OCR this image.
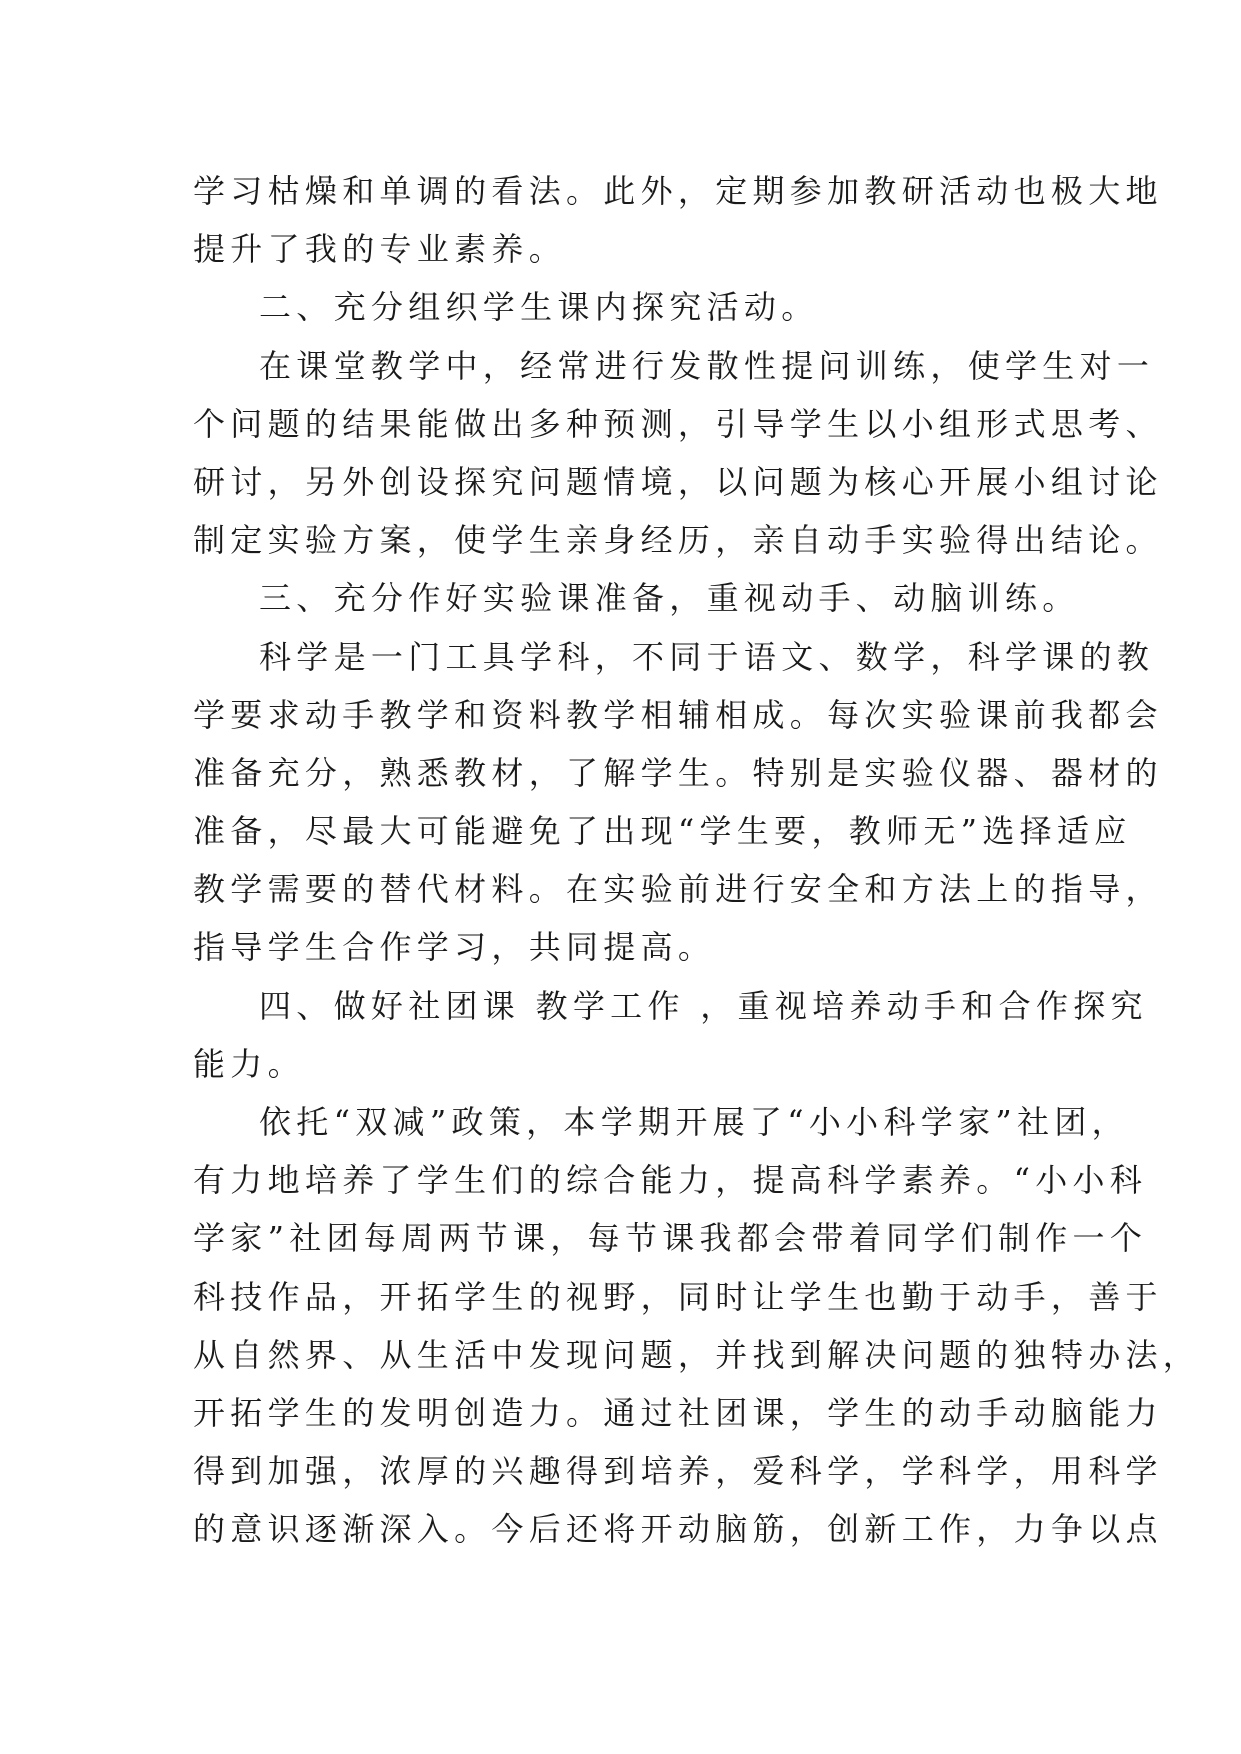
学习枯燥和单调的看法。此外，定期参加教研活动也极大地
提升了我的专业素养。
二、充分组织学生课内探究活动。
在课堂教学中，经常进行发散性提问训练，使学生对一
个问题的结果能做出多种预测，引导学生以小组形式思考、
研讨，另外创设探究问题情境，以问题为核心开展小组讨论
制定实验方案，使学生亲身经历，亲自动手实验得出结论。
三、充分作好实验课准备，重视动手、动脑训练。
科学是一门工具学科，不同于语文、数学，科学课的教
学要求动手教学和资料教学相辅相成。每次实验课前我都会
准备充分，熟悉教材，了解学生。特别是实验仪器、器材的
准备，尽最大可能避免了出现“学生要，教师无”选择适应
教学需要的替代材料。在实验前进行安全和方法上的指导，
指导学生合作学习，共同提高。
四、做好社团课 教学工作 ，重视培养动手和合作探究
能力。
依托“双减”政策，本学期开展了“小小科学家”社团，
有力地培养了学生们的综合能力，提高科学素养。“小小科
学家”社团每周两节课，每节课我都会带着同学们制作一个
科技作品，开拓学生的视野，同时让学生也勤于动手，善于
从自然界、从生活中发现问题，并找到解决问题的独特办法，
开拓学生的发明创造力。通过社团课，学生的动手动脑能力
得到加强，浓厚的兴趣得到培养，爱科学，学科学，用科学
的意识逐渐深入。今后还将开动脑筋，创新工作，力争以点
